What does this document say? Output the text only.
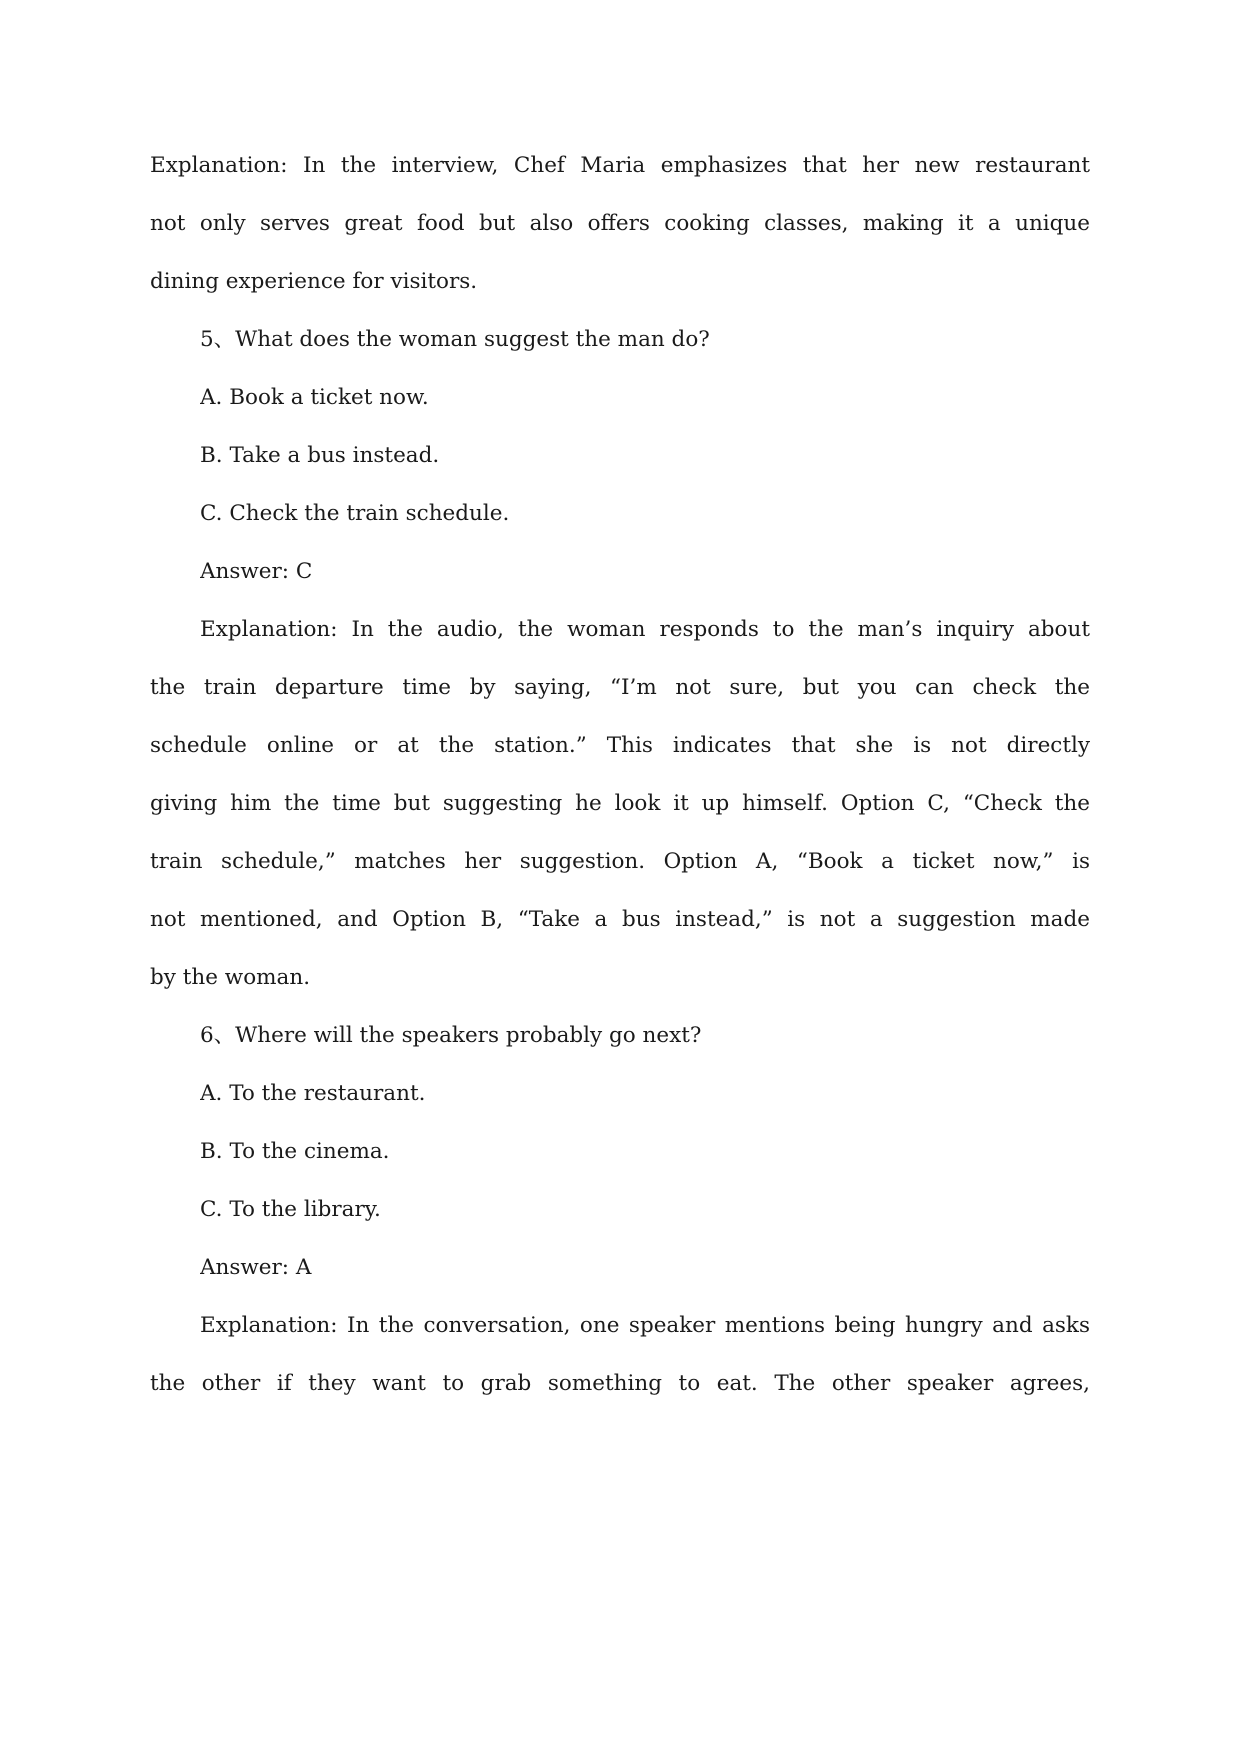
Explanation: In the interview, Chef Maria emphasizes that her new restaurant
not only serves great food but also offers cooking classes, making it a unique
dining experience for visitors.
5、What does the woman suggest the man do?
A. Book a ticket now.
B. Take a bus instead.
C. Check the train schedule.
Answer: C
Explanation: In the audio, the woman responds to the man’s inquiry about
the train departure time by saying, “I’m not sure, but you can check the
schedule online or at the station.” This indicates that she is not directly
giving him the time but suggesting he look it up himself. Option C, “Check the
train schedule,” matches her suggestion. Option A, “Book a ticket now,” is
not mentioned, and Option B, “Take a bus instead,” is not a suggestion made
by the woman.
6、Where will the speakers probably go next?
A. To the restaurant.
B. To the cinema.
C. To the library.
Answer: A
Explanation: In the conversation, one speaker mentions being hungry and asks
the other if they want to grab something to eat. The other speaker agrees,
